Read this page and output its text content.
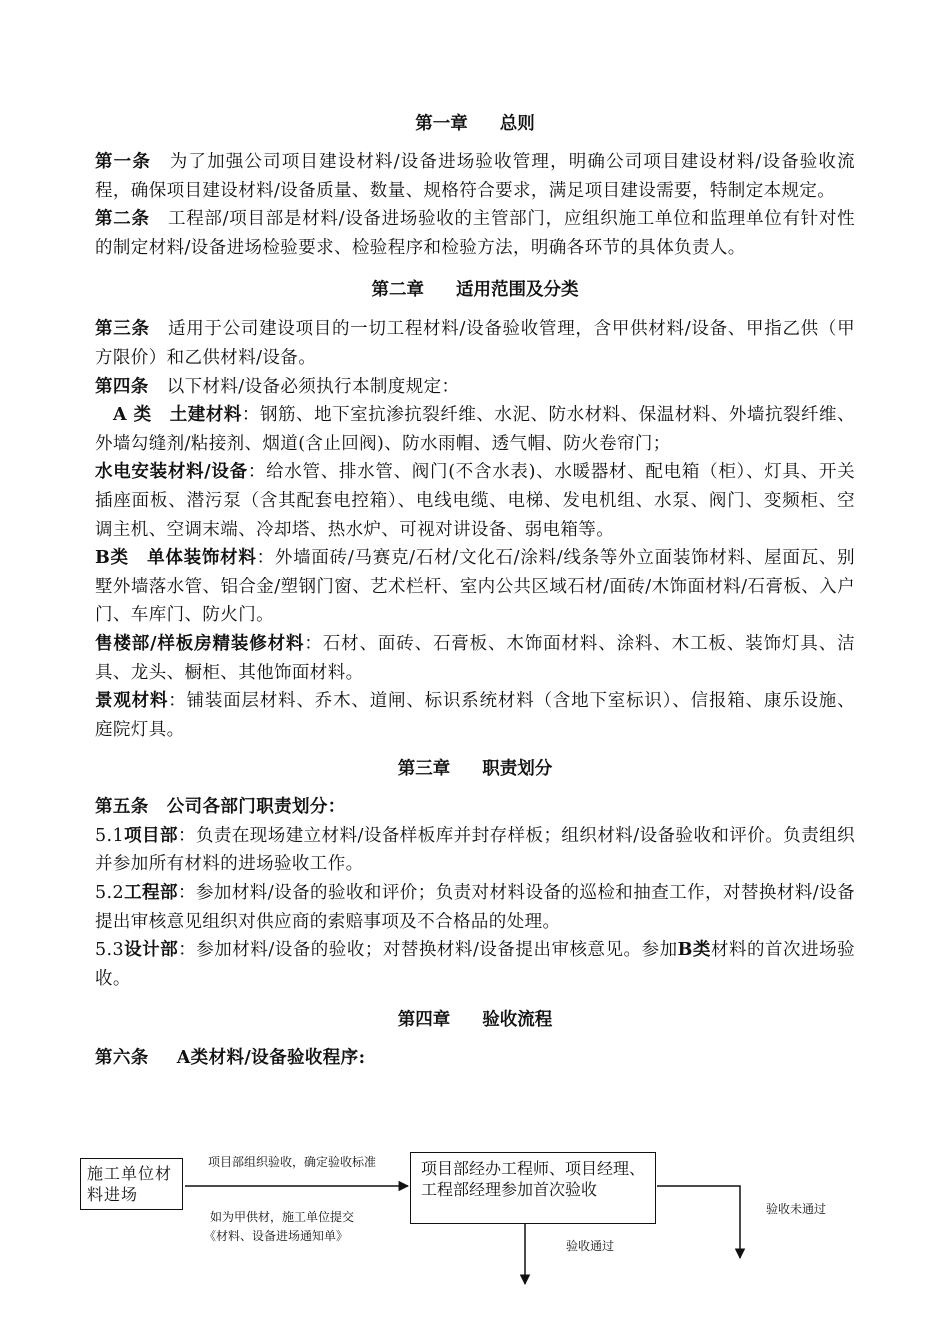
第一章 总则

第一条 为了加强公司项目建设材料/设备进场验收管理，明确公司项目建设材料/设备验收流程，确保项目建设材料/设备质量、数量、规格符合要求，满足项目建设需要，特制定本规定。

第二条 工程部/项目部是材料/设备进场验收的主管部门，应组织施工单位和监理单位有针对性的制定材料/设备进场检验要求、检验程序和检验方法，明确各环节的具体负责人。

第二章 适用范围及分类

第三条 适用于公司建设项目的一切工程材料/设备验收管理，含甲供材料/设备、甲指乙供（甲方限价）和乙供材料/设备。

第四条 以下材料/设备必须执行本制度规定：

A 类 土建材料：钢筋、地下室抗渗抗裂纤维、水泥、防水材料、保温材料、外墙抗裂纤维、外墙勾缝剂/粘接剂、烟道(含止回阀)、防水雨帽、透气帽、防火卷帘门；

水电安装材料/设备：给水管、排水管、阀门(不含水表)、水暖器材、配电箱（柜）、灯具、开关插座面板、潜污泵（含其配套电控箱）、电线电缆、电梯、发电机组、水泵、阀门、变频柜、空调主机、空调末端、冷却塔、热水炉、可视对讲设备、弱电箱等。

B类 单体装饰材料：外墙面砖/马赛克/石材/文化石/涂料/线条等外立面装饰材料、屋面瓦、别墅外墙落水管、铝合金/塑钢门窗、艺术栏杆、室内公共区域石材/面砖/木饰面材料/石膏板、入户门、车库门、防火门。

售楼部/样板房精装修材料：石材、面砖、石膏板、木饰面材料、涂料、木工板、装饰灯具、洁具、龙头、橱柜、其他饰面材料。

景观材料：铺装面层材料、乔木、道闸、标识系统材料（含地下室标识）、信报箱、康乐设施、庭院灯具。

第三章 职责划分

第五条 公司各部门职责划分：

5.1项目部：负责在现场建立材料/设备样板库并封存样板；组织材料/设备验收和评价。负责组织并参加所有材料的进场验收工作。

5.2工程部：参加材料/设备的验收和评价；负责对材料设备的巡检和抽查工作，对替换材料/设备提出审核意见组织对供应商的索赔事项及不合格品的处理。

5.3设计部：参加材料/设备的验收；对替换材料/设备提出审核意见。参加B类材料的首次进场验收。

第四章 验收流程

第六条 A类材料/设备验收程序:

施工单位材料进场
项目部经办工程师、项目经理、工程部经理参加首次验收
项目部组织验收，确定验收标准
如为甲供材，施工单位提交
《材料、设备进场通知单》
验收通过
验收未通过
